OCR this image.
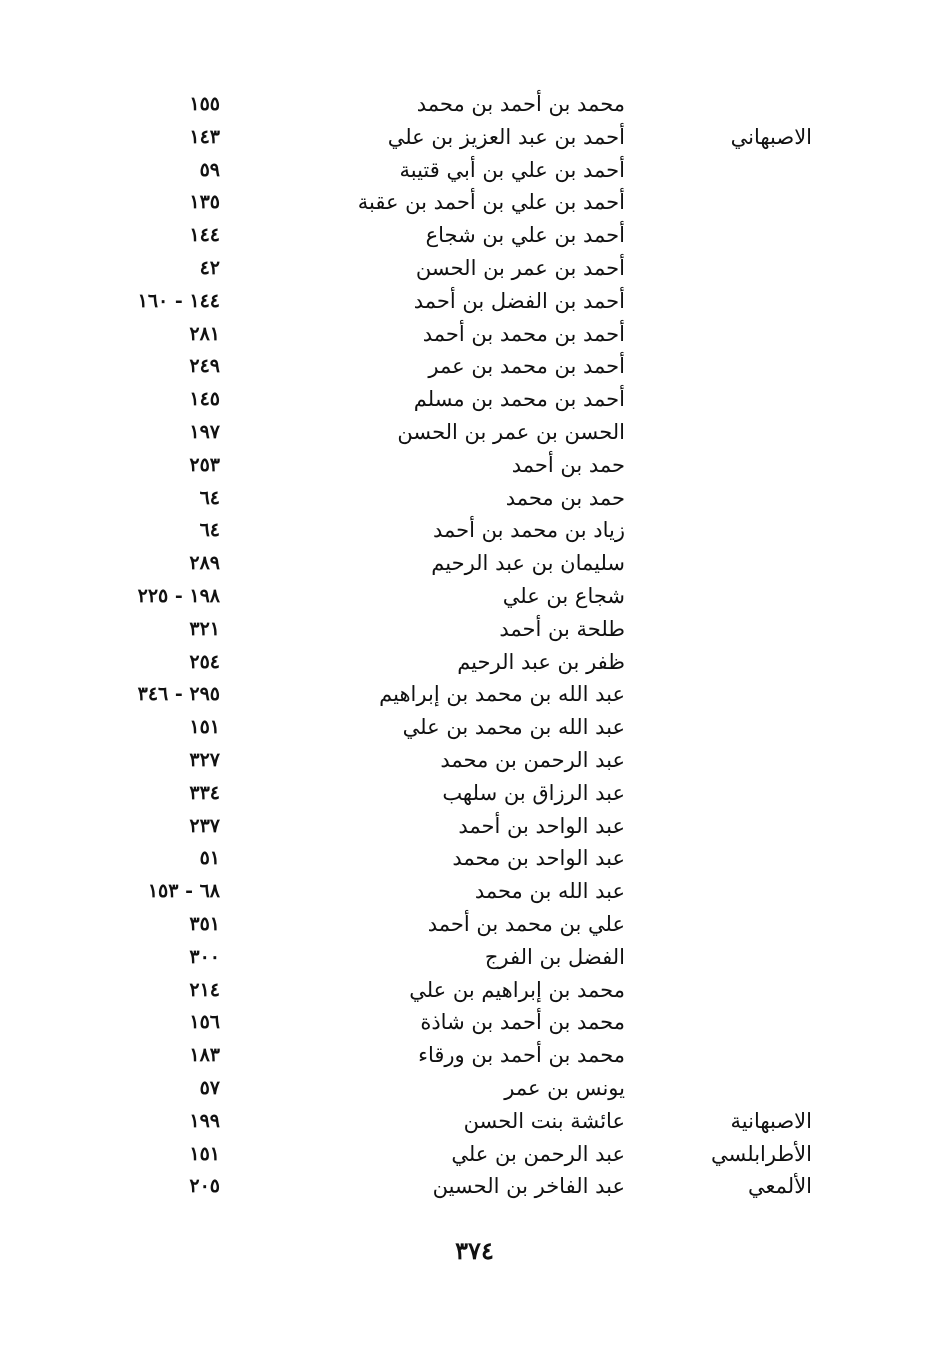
محمد بن أحمد بن محمد
١٥٥
الاصبهاني
أحمد بن عبد العزيز بن علي
١٤٣
أحمد بن علي بن أبي قتيبة
٥٩
أحمد بن علي بن أحمد بن عقبة
١٣٥
أحمد بن علي بن شجاع
١٤٤
أحمد بن عمر بن الحسن
٤٢
أحمد بن الفضل بن أحمد
١٤٤ - ١٦٠
أحمد بن محمد بن أحمد
٢٨١
أحمد بن محمد بن عمر
٢٤٩
أحمد بن محمد بن مسلم
١٤٥
الحسن بن عمر بن الحسن
١٩٧
حمد بن أحمد
٢٥٣
حمد بن محمد
٦٤
زياد بن محمد بن أحمد
٦٤
سليمان بن عبد الرحيم
٢٨٩
شجاع بن علي
١٩٨ - ٢٢٥
طلحة بن أحمد
٣٢١
ظفر بن عبد الرحيم
٢٥٤
عبد الله بن محمد بن إبراهيم
٢٩٥ - ٣٤٦
عبد الله بن محمد بن علي
١٥١
عبد الرحمن بن محمد
٣٢٧
عبد الرزاق بن سلهب
٣٣٤
عبد الواحد بن أحمد
٢٣٧
عبد الواحد بن محمد
٥١
عبد الله بن محمد
٦٨ - ١٥٣
علي بن محمد بن أحمد
٣٥١
الفضل بن الفرج
٣٠٠
محمد بن إبراهيم بن علي
٢١٤
محمد بن أحمد بن شاذة
١٥٦
محمد بن أحمد بن ورقاء
١٨٣
يونس بن عمر
٥٧
الاصبهانية
عائشة بنت الحسن
١٩٩
الأطرابلسي
عبد الرحمن بن علي
١٥١
الألمعي
عبد الفاخر بن الحسين
٢٠٥
٣٧٤
